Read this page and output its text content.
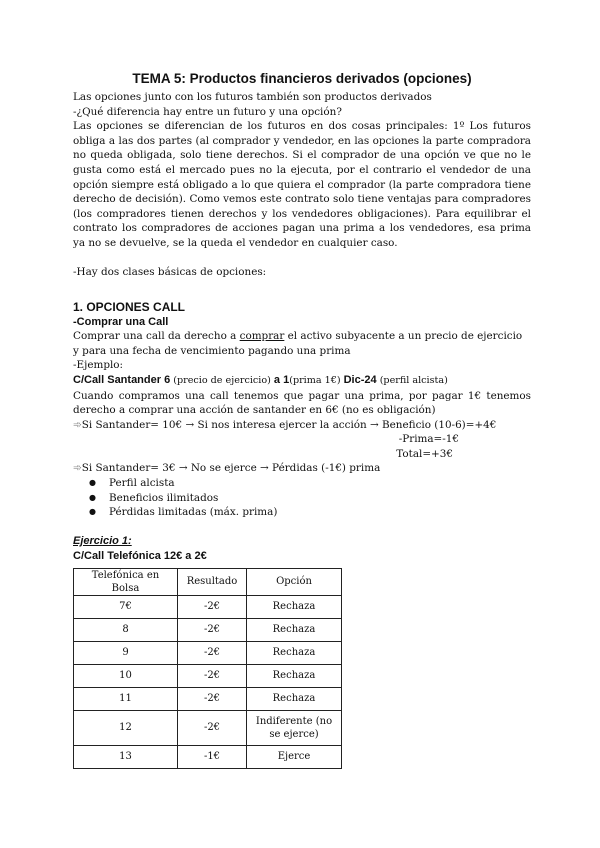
TEMA 5: Productos financieros derivados (opciones)

Las opciones junto con los futuros también son productos derivados

-¿Qué diferencia hay entre un futuro y una opción?

Las opciones se diferencian de los futuros en dos cosas principales: 1º Los futuros obliga a las dos partes (al comprador y vendedor, en las opciones la parte compradora no queda obligada, solo tiene derechos. Si el comprador de una opción ve que no le gusta como está el mercado pues no la ejecuta, por el contrario el vendedor de una opción siempre está obligado a lo que quiera el comprador (la parte compradora tiene derecho de decisión). Como vemos este contrato solo tiene ventajas para compradores (los compradores tienen derechos y los vendedores obligaciones). Para equilibrar el contrato los compradores de acciones pagan una prima a los vendedores, esa prima ya no se devuelve, se la queda el vendedor en cualquier caso.

-Hay dos clases básicas de opciones:

1. OPCIONES CALL
-Comprar una Call

Comprar una call da derecho a comprar el activo subyacente a un precio de ejercicio y para una fecha de vencimiento pagando una prima

-Ejemplo:

C/Call Santander 6 (precio de ejercicio) a 1(prima 1€) Dic-24 (perfil alcista)

Cuando compramos una call tenemos que pagar una prima, por pagar 1€ tenemos derecho a comprar una acción de santander en 6€ (no es obligación)

➾Si Santander= 10€ → Si nos interesa ejercer la acción → Beneficio (10-6)=+4€

-Prima=-1€

Total=+3€

➾Si Santander= 3€ → No se ejerce → Pérdidas (-1€) prima

● Perfil alcista
● Beneficios ilimitados
● Pérdidas limitadas (máx. prima)
Ejercicio 1:
C/Call Telefónica 12€ a 2€
Telefónica en Bolsa	Resultado	Opción
7€	-2€	Rechaza
8	-2€	Rechaza
9	-2€	Rechaza
10	-2€	Rechaza
11	-2€	Rechaza
12	-2€	Indiferente (no se ejerce)
13	-1€	Ejerce
